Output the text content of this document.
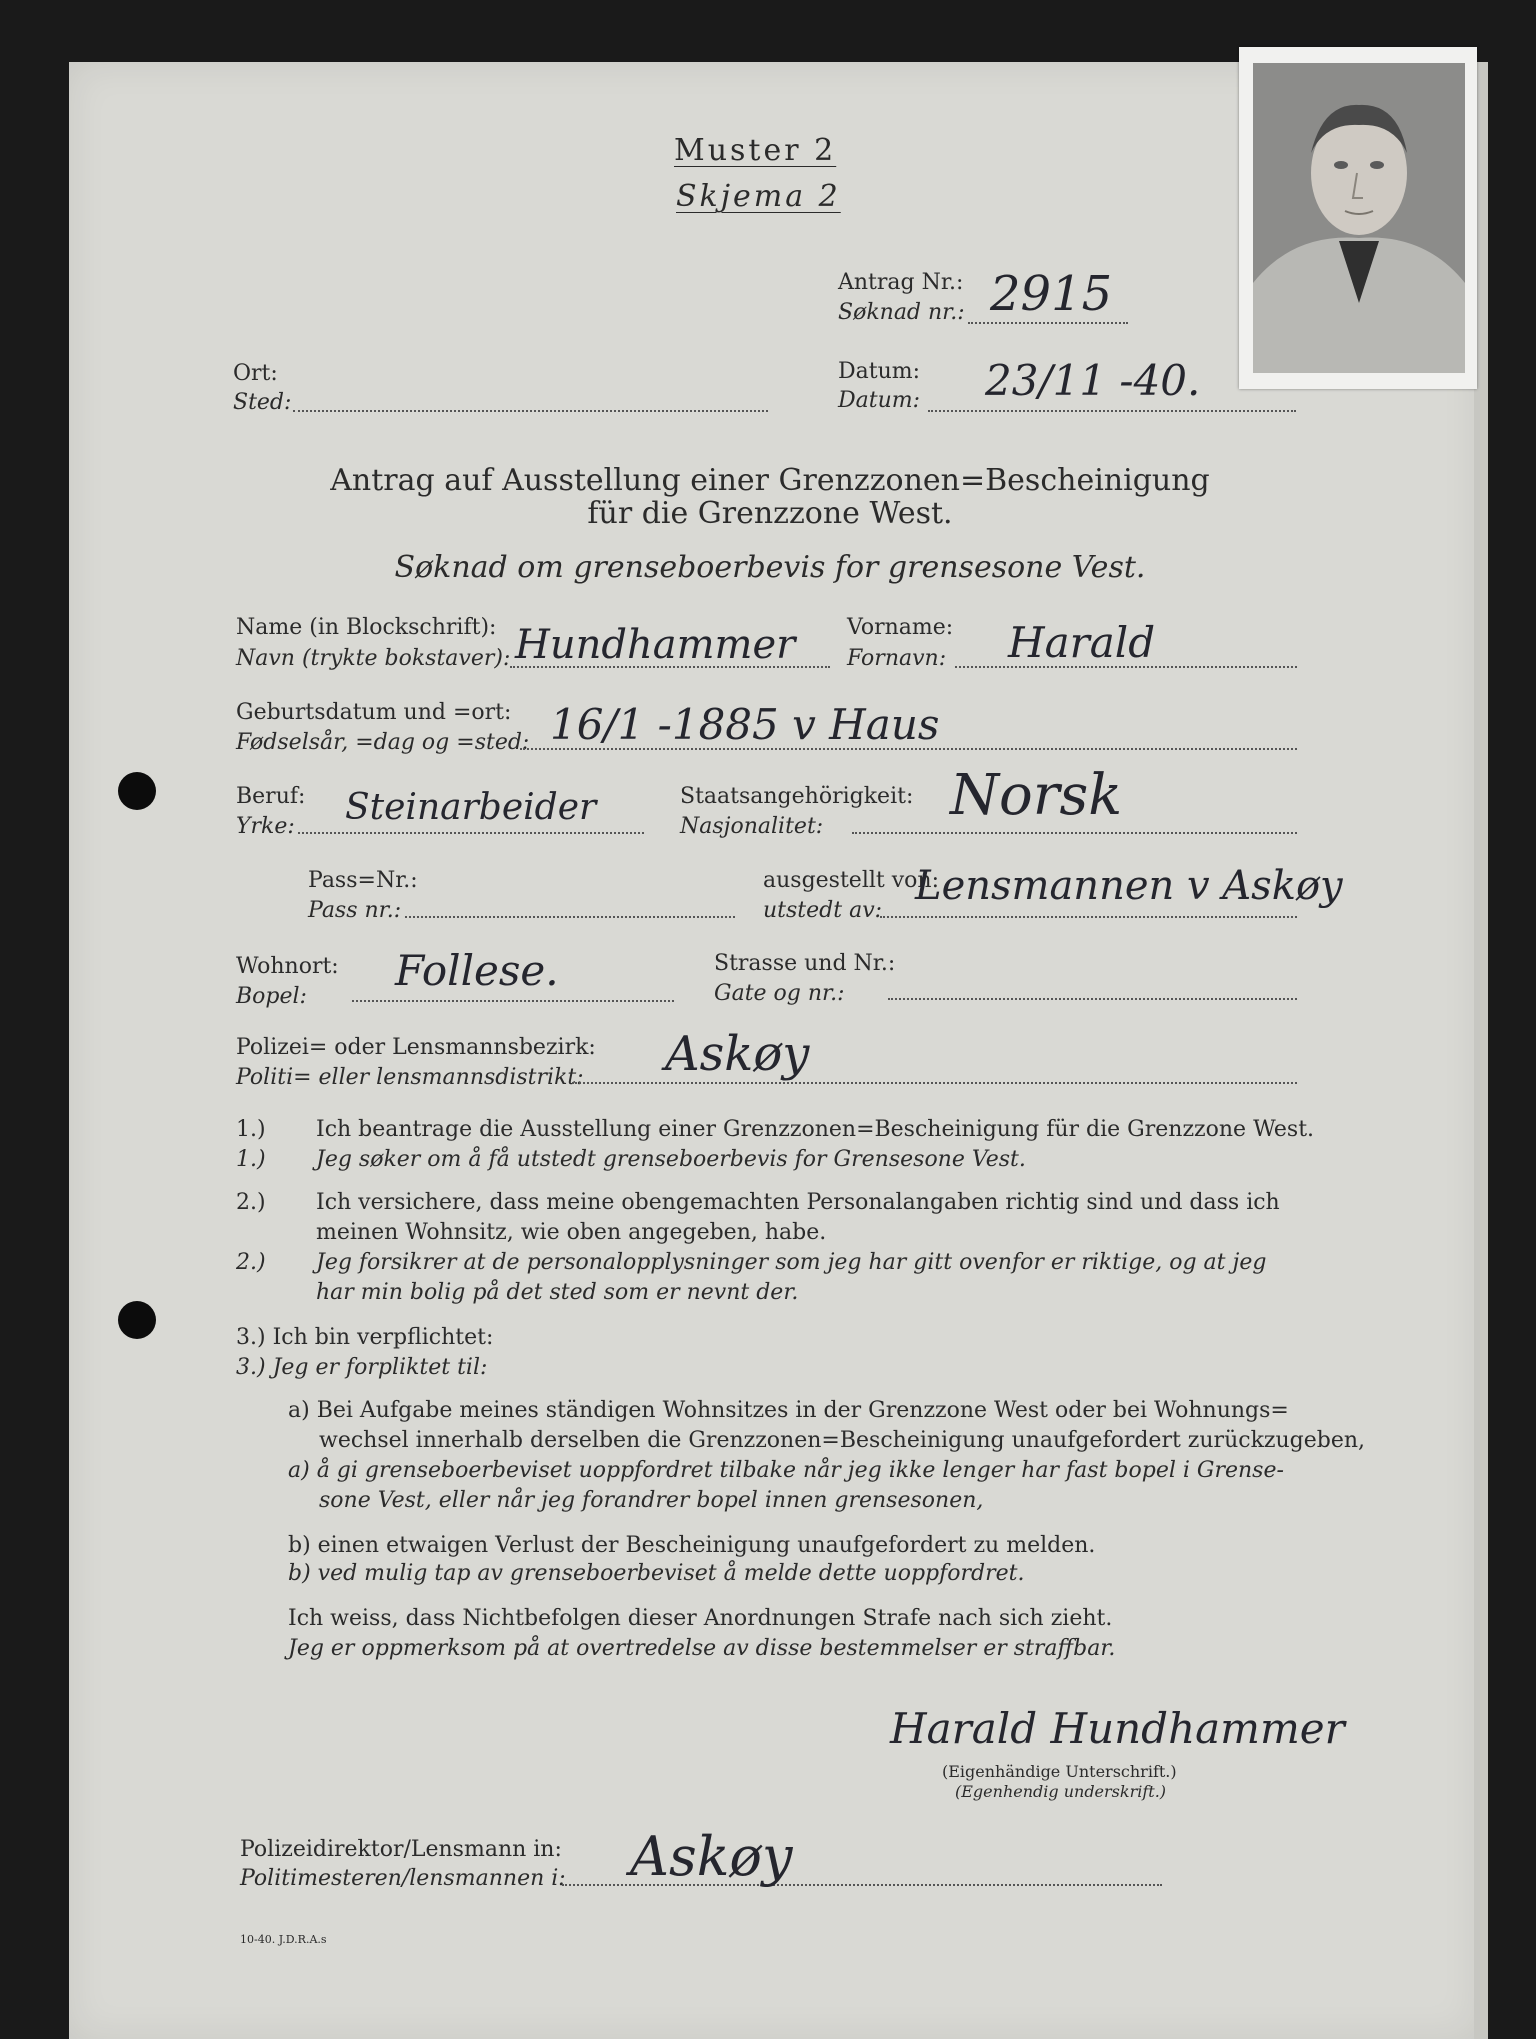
Muster 2
Skjema 2
Antrag Nr.:
Søknad nr.: 2915
Ort:
Sted:
Datum:
Datum: 23/11 -40.
Antrag auf Ausstellung einer Grenzzonen=Bescheinigung
für die Grenzzone West.
Søknad om grenseboerbevis for grensesone Vest.
Name (in Blockschrift):
Navn (trykte bokstaver): Hundhammer Vorname:
Fornavn: Harald
Geburtsdatum und =ort:
Fødselsår, =dag og =sted: 16/1 -1885 v Haus
Beruf:
Yrke: Steinarbeider	Staatsangehörigkeit:
Nasjonalitet: Norsk
Pass=Nr.:
Pass nr.:
ausgestellt von:
utstedt av:
Lensmannen v Askøy
Wohnort:
Bopel:
Follese.	Strasse und Nr.:
Gate og nr.:
Polizei= oder Lensmannsbezirk:
Politi= eller lensmannsdistrikt: Askøy
1.) Ich beantrage die Ausstellung einer Grenzzonen=Bescheinigung für die Grenzzone West.
1.) Jeg søker om å få utstedt grenseboerbevis for Grensesone Vest.
2.) Ich versichere, dass meine obengemachten Personalangaben richtig sind und dass ich
meinen Wohnsitz, wie oben angegeben, habe.
2.) Jeg forsikrer at de personalopplysninger som jeg har gitt ovenfor er riktige, og at jeg
har min bolig på det sted som er nevnt der.
3.) Ich bin verpflichtet:
3.) Jeg er forpliktet til:
a) Bei Aufgabe meines ständigen Wohnsitzes in der Grenzzone West oder bei Wohnungs=
wechsel innerhalb derselben die Grenzzonen=Bescheinigung unaufgefordert zurückzugeben,
a) å gi grenseboerbeviset uoppfordret tilbake når jeg ikke lenger har fast bopel i Grense-
sone Vest, eller når jeg forandrer bopel innen grensesonen,
b) einen etwaigen Verlust der Bescheinigung unaufgefordert zu melden.
b) ved mulig tap av grenseboerbeviset å melde dette uoppfordret.
Ich weiss, dass Nichtbefolgen dieser Anordnungen Strafe nach sich zieht.
Jeg er oppmerksom på at overtredelse av disse bestemmelser er straffbar.
Harald Hundhammer
(Eigenhändige Unterschrift.)
(Egenhendig underskrift.)
Polizeidirektor/Lensmann in:
Politimesteren/lensmannen i: Askøy
10-40. J.D.R.A.s
